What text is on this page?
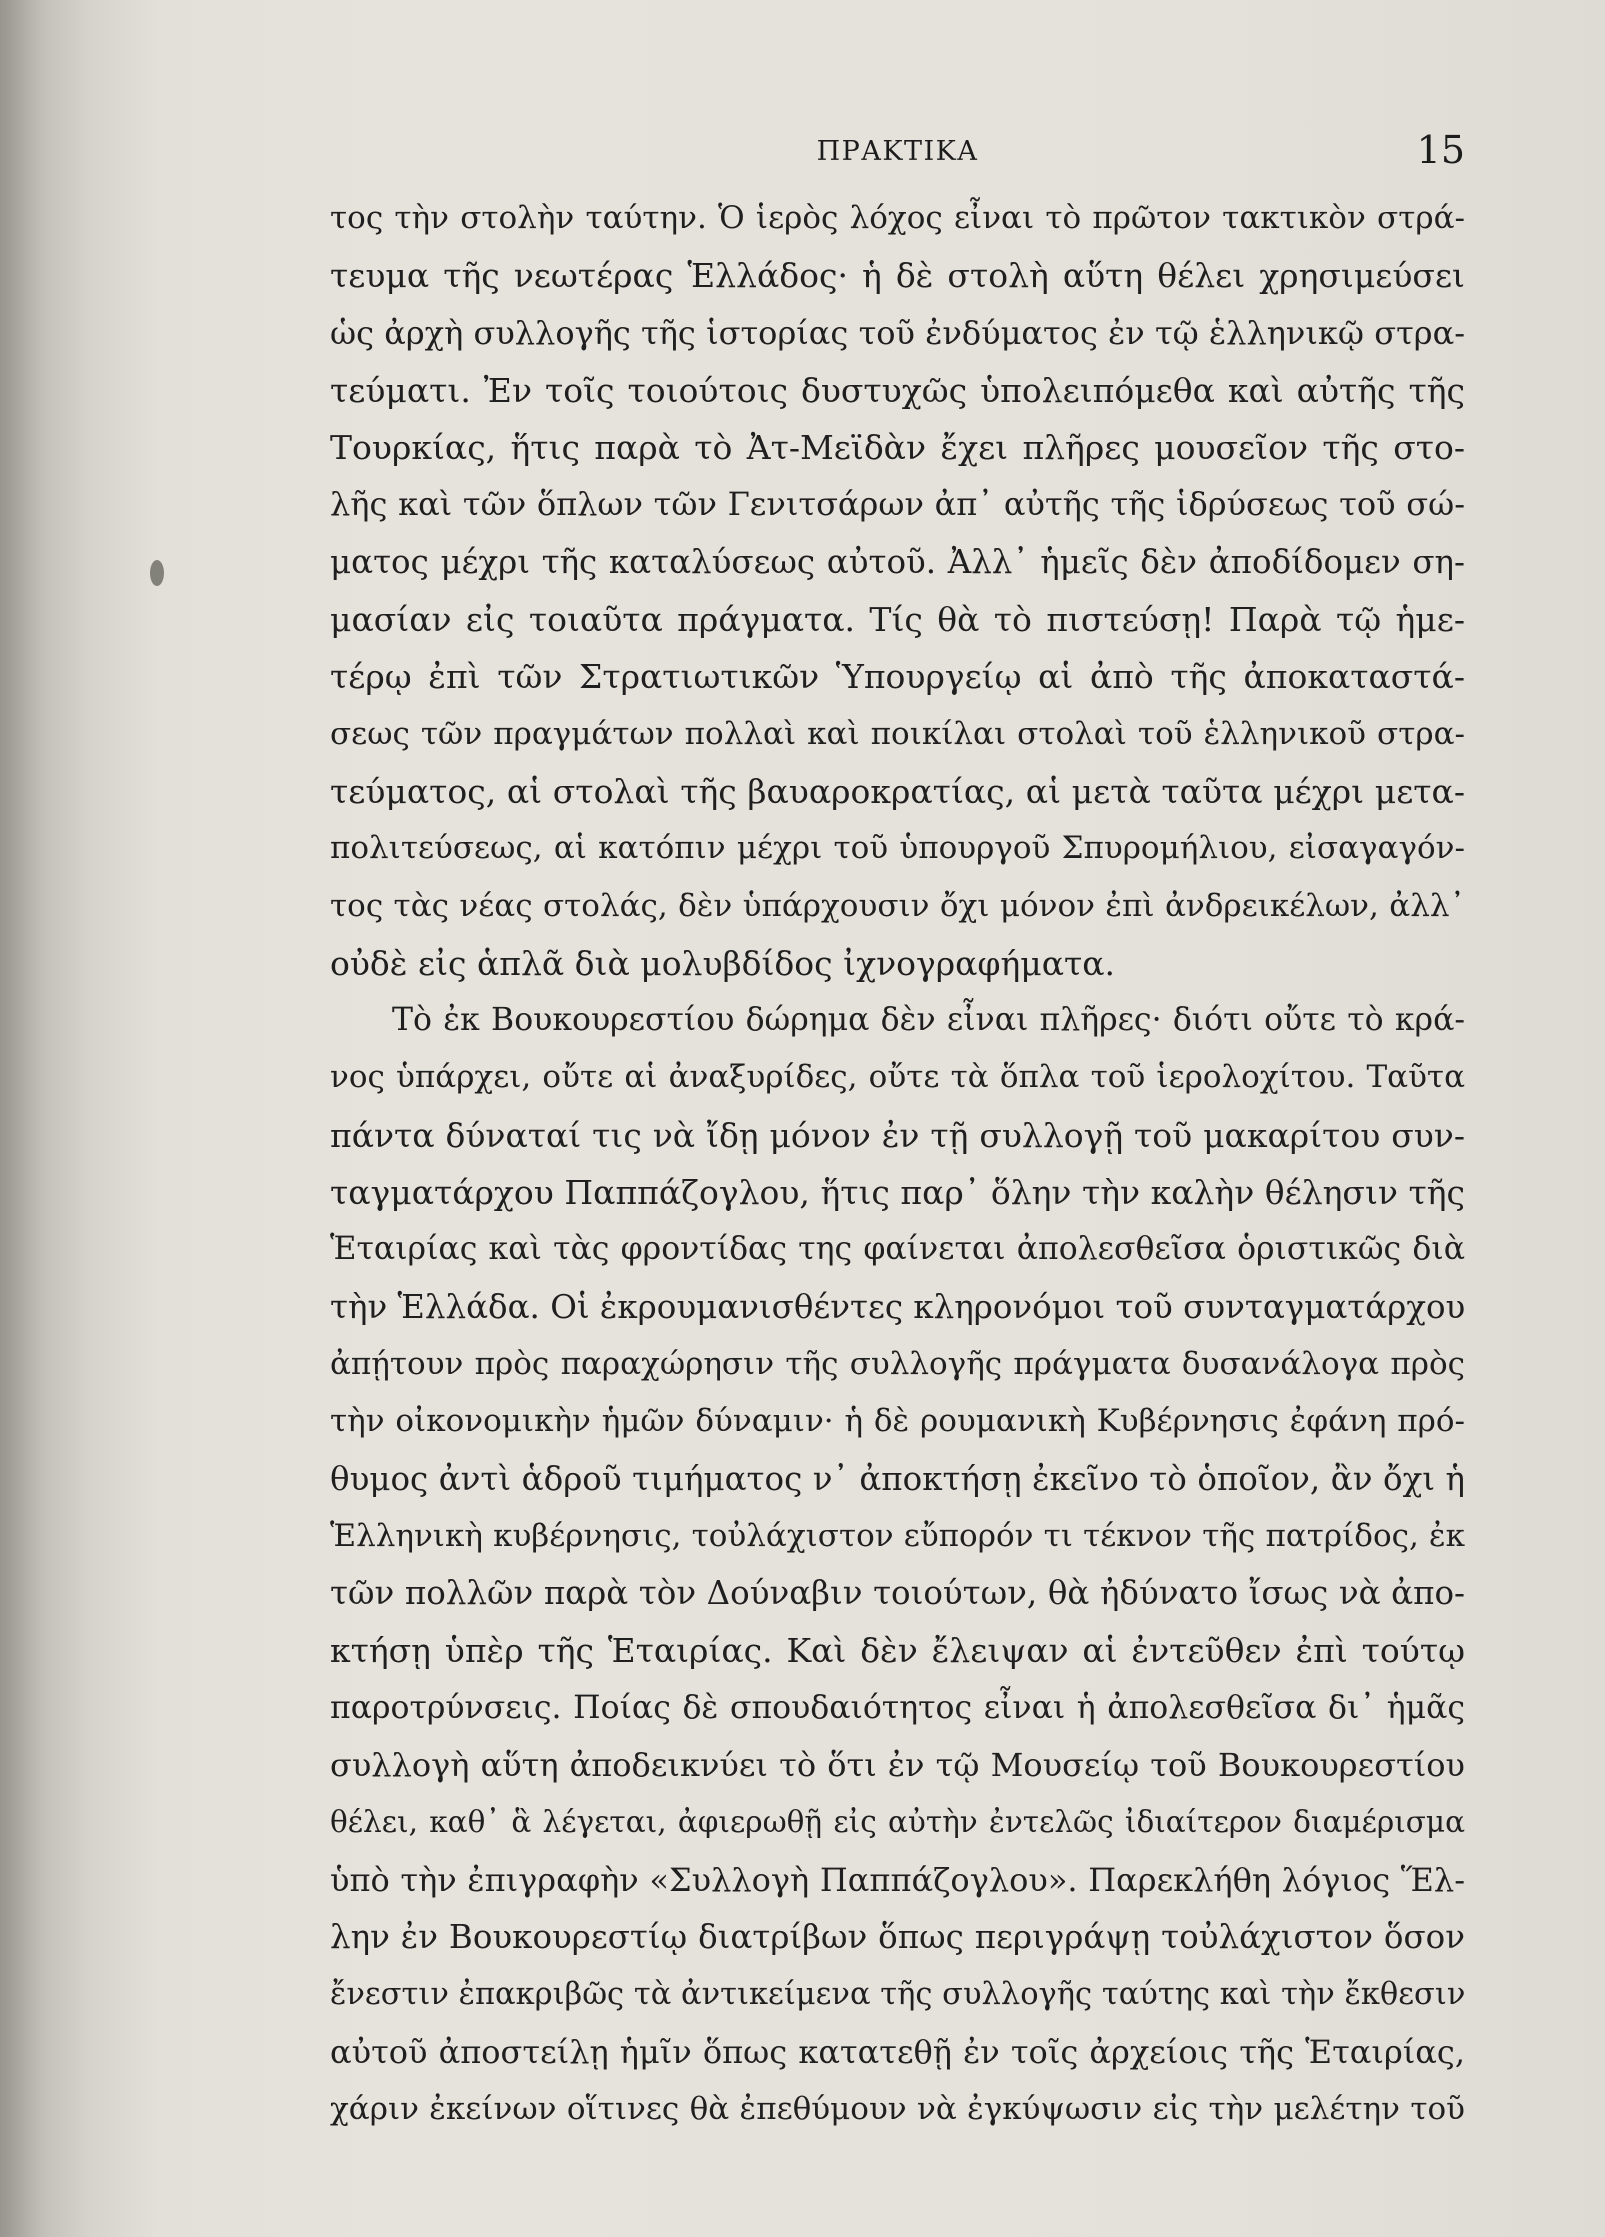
ΠΡΑΚΤΙΚΑ	15
τος τὴν στολὴν ταύτην. Ὁ ἱερὸς λόχος εἶναι τὸ πρῶτον τακτικὸν στρά-
τευμα τῆς νεωτέρας Ἑλλάδος· ἡ δὲ στολὴ αὕτη θέλει χρησιμεύσει
ὡς ἀρχὴ συλλογῆς τῆς ἱστορίας τοῦ ἐνδύματος ἐν τῷ ἑλληνικῷ στρα-
τεύματι. Ἐν τοῖς τοιούτοις δυστυχῶς ὑπολειπόμεθα καὶ αὐτῆς τῆς
Τουρκίας, ἥτις παρὰ τὸ Ἀτ-Μεϊδὰν ἔχει πλῆρες μουσεῖον τῆς στο-
λῆς καὶ τῶν ὅπλων τῶν Γενιτσάρων ἀπ᾽ αὐτῆς τῆς ἱδρύσεως τοῦ σώ-
ματος μέχρι τῆς καταλύσεως αὐτοῦ. Ἀλλ᾽ ἡμεῖς δὲν ἀποδίδομεν ση-
μασίαν εἰς τοιαῦτα πράγματα. Τίς θὰ τὸ πιστεύσῃ! Παρὰ τῷ ἡμε-
τέρῳ ἐπὶ τῶν Στρατιωτικῶν Ὑπουργείῳ αἱ ἀπὸ τῆς ἀποκαταστά-
σεως τῶν πραγμάτων πολλαὶ καὶ ποικίλαι στολαὶ τοῦ ἑλληνικοῦ στρα-
τεύματος, αἱ στολαὶ τῆς βαυαροκρατίας, αἱ μετὰ ταῦτα μέχρι μετα-
πολιτεύσεως, αἱ κατόπιν μέχρι τοῦ ὑπουργοῦ Σπυρομήλιου, εἰσαγαγόν-
τος τὰς νέας στολάς, δὲν ὑπάρχουσιν ὄχι μόνον ἐπὶ ἀνδρεικέλων, ἀλλ᾽
οὐδὲ εἰς ἁπλᾶ διὰ μολυβδίδος ἰχνογραφήματα.
Τὸ ἐκ Βουκουρεστίου δώρημα δὲν εἶναι πλῆρες· διότι οὔτε τὸ κρά-
νος ὑπάρχει, οὔτε αἱ ἀναξυρίδες, οὔτε τὰ ὅπλα τοῦ ἱερολοχίτου. Ταῦτα
πάντα δύναταί τις νὰ ἴδῃ μόνον ἐν τῇ συλλογῇ τοῦ μακαρίτου συν-
ταγματάρχου Παππάζογλου, ἥτις παρ᾽ ὅλην τὴν καλὴν θέλησιν τῆς
Ἑταιρίας καὶ τὰς φροντίδας της φαίνεται ἀπολεσθεῖσα ὁριστικῶς διὰ
τὴν Ἑλλάδα. Οἱ ἐκρουμανισθέντες κληρονόμοι τοῦ συνταγματάρχου
ἀπῄτουν πρὸς παραχώρησιν τῆς συλλογῆς πράγματα δυσανάλογα πρὸς
τὴν οἰκονομικὴν ἡμῶν δύναμιν· ἡ δὲ ρουμανικὴ Κυβέρνησις ἐφάνη πρό-
θυμος ἀντὶ ἁδροῦ τιμήματος ν᾽ ἀποκτήσῃ ἐκεῖνο τὸ ὁποῖον, ἂν ὄχι ἡ
Ἑλληνικὴ κυβέρνησις, τοὐλάχιστον εὔπορόν τι τέκνον τῆς πατρίδος, ἐκ
τῶν πολλῶν παρὰ τὸν Δούναβιν τοιούτων, θὰ ἠδύνατο ἴσως νὰ ἀπο-
κτήσῃ ὑπὲρ τῆς Ἑταιρίας. Καὶ δὲν ἔλειψαν αἱ ἐντεῦθεν ἐπὶ τούτῳ
παροτρύνσεις. Ποίας δὲ σπουδαιότητος εἶναι ἡ ἀπολεσθεῖσα δι᾽ ἡμᾶς
συλλογὴ αὕτη ἀποδεικνύει τὸ ὅτι ἐν τῷ Μουσείῳ τοῦ Βουκουρεστίου
θέλει, καθ᾽ ἃ λέγεται, ἀφιερωθῇ εἰς αὐτὴν ἐντελῶς ἰδιαίτερον διαμέρισμα
ὑπὸ τὴν ἐπιγραφὴν «Συλλογὴ Παππάζογλου». Παρεκλήθη λόγιος Ἕλ-
λην ἐν Βουκουρεστίῳ διατρίβων ὅπως περιγράψῃ τοὐλάχιστον ὅσον
ἔνεστιν ἐπακριβῶς τὰ ἀντικείμενα τῆς συλλογῆς ταύτης καὶ τὴν ἔκθεσιν
αὐτοῦ ἀποστείλῃ ἡμῖν ὅπως κατατεθῇ ἐν τοῖς ἀρχείοις τῆς Ἑταιρίας,
χάριν ἐκείνων οἵτινες θὰ ἐπεθύμουν νὰ ἐγκύψωσιν εἰς τὴν μελέτην τοῦ
